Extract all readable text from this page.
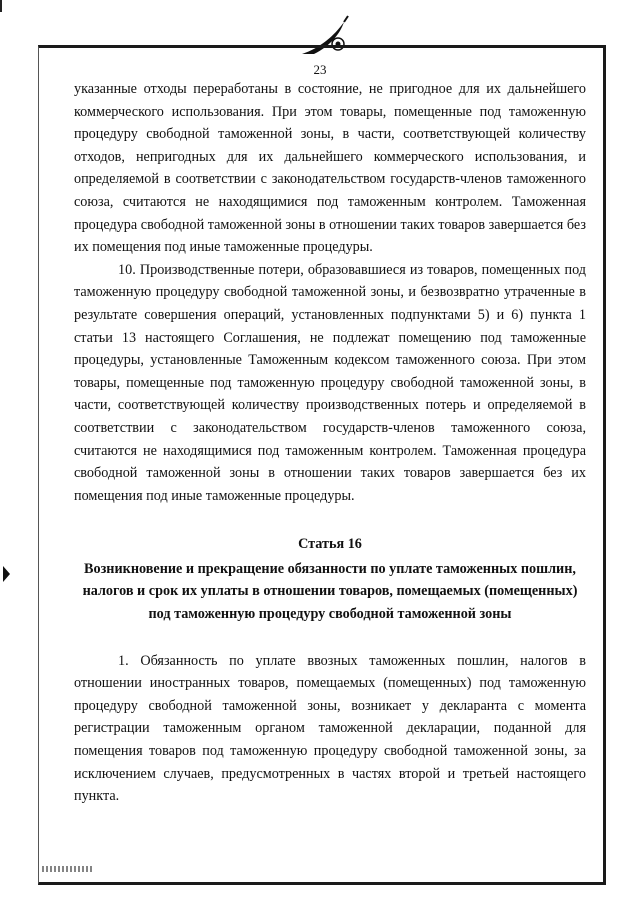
23

указанные отходы переработаны в состояние, не пригодное для их дальнейшего коммерческого использования. При этом товары, помещенные под таможенную процедуру свободной таможенной зоны, в части, соответствующей количеству отходов, непригодных для их дальнейшего коммерческого использования, и определяемой в соответствии с законодательством государств-членов таможенного союза, считаются не находящимися под таможенным контролем. Таможенная процедура свободной таможенной зоны в отношении таких товаров завершается без их помещения под иные таможенные процедуры.

10. Производственные потери, образовавшиеся из товаров, помещенных под таможенную процедуру свободной таможенной зоны, и безвозвратно утраченные в результате совершения операций, установленных подпунктами 5) и 6) пункта 1 статьи 13 настоящего Соглашения, не подлежат помещению под таможенные процедуры, установленные Таможенным кодексом таможенного союза. При этом товары, помещенные под таможенную процедуру свободной таможенной зоны, в части, соответствующей количеству производственных потерь и определяемой в соответствии с законодательством государств-членов таможенного союза, считаются не находящимися под таможенным контролем. Таможенная процедура свободной таможенной зоны в отношении таких товаров завершается без их помещения под иные таможенные процедуры.

Статья 16

Возникновение и прекращение обязанности по уплате таможенных пошлин, налогов и срок их уплаты в отношении товаров, помещаемых (помещенных) под таможенную процедуру свободной таможенной зоны

1. Обязанность по уплате ввозных таможенных пошлин, налогов в отношении иностранных товаров, помещаемых (помещенных) под таможенную процедуру свободной таможенной зоны, возникает у декларанта с момента регистрации таможенным органом таможенной декларации, поданной для помещения товаров под таможенную процедуру свободной таможенной зоны, за исключением случаев, предусмотренных в частях второй и третьей настоящего пункта.
